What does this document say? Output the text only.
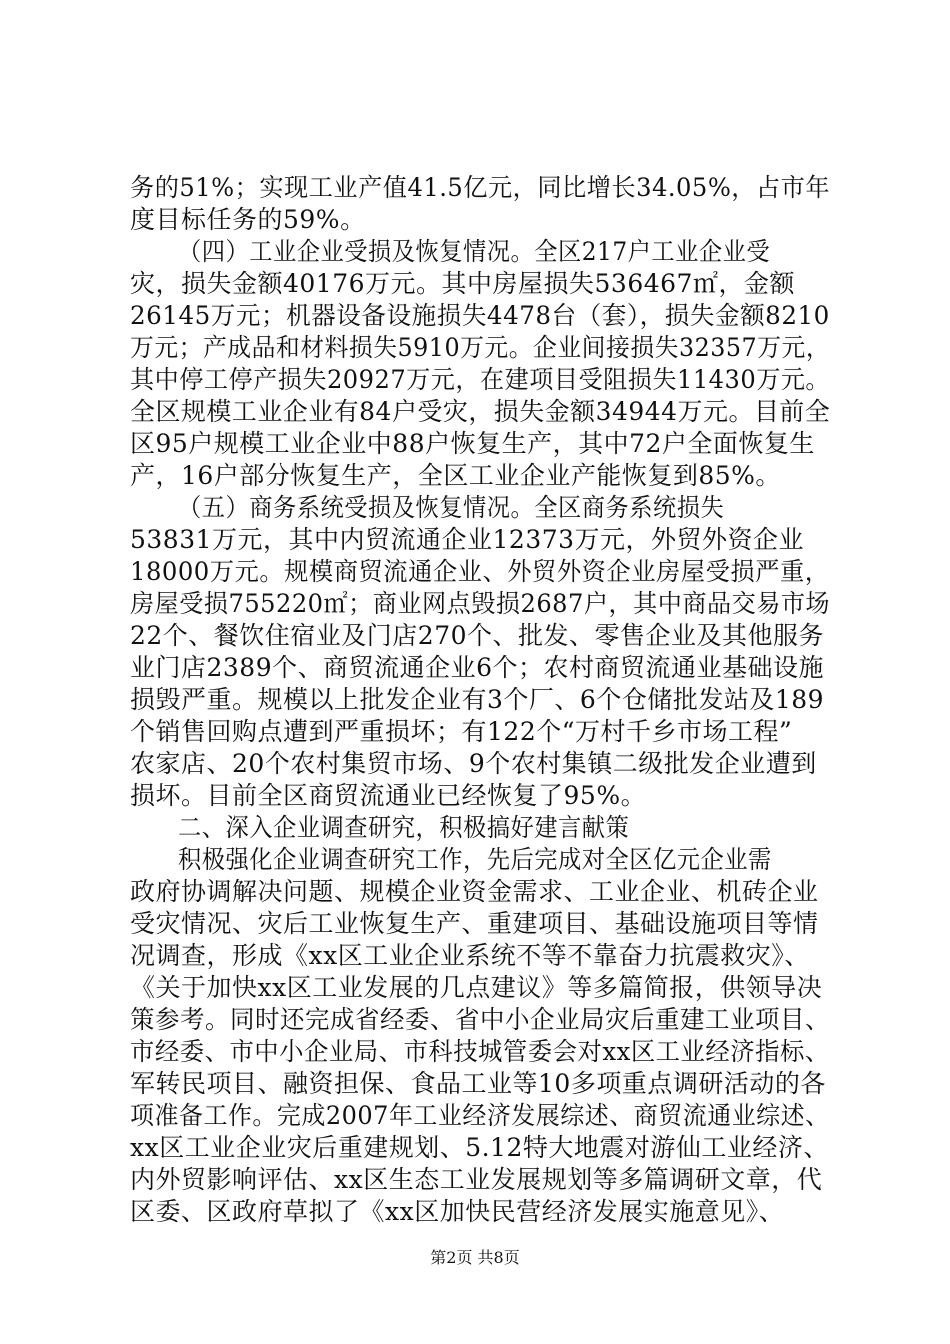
务的51%；实现工业产值41.5亿元，同比增长34.05%，占市年
度目标任务的59%。
（四）工业企业受损及恢复情况。全区217户工业企业受
灾，损失金额40176万元。其中房屋损失536467㎡，金额
26145万元；机器设备设施损失4478台（套），损失金额8210
万元；产成品和材料损失5910万元。企业间接损失32357万元，
其中停工停产损失20927万元，在建项目受阻损失11430万元。
全区规模工业企业有84户受灾，损失金额34944万元。目前全
区95户规模工业企业中88户恢复生产，其中72户全面恢复生
产，16户部分恢复生产，全区工业企业产能恢复到85%。
（五）商务系统受损及恢复情况。全区商务系统损失
53831万元，其中内贸流通企业12373万元，外贸外资企业
18000万元。规模商贸流通企业、外贸外资企业房屋受损严重，
房屋受损755220㎡；商业网点毁损2687户，其中商品交易市场
22个、餐饮住宿业及门店270个、批发、零售企业及其他服务
业门店2389个、商贸流通企业6个；农村商贸流通业基础设施
损毁严重。规模以上批发企业有3个厂、6个仓储批发站及189
个销售回购点遭到严重损坏；有122个“万村千乡市场工程”
农家店、20个农村集贸市场、9个农村集镇二级批发企业遭到
损坏。目前全区商贸流通业已经恢复了95%。
二、深入企业调查研究，积极搞好建言献策
积极强化企业调查研究工作，先后完成对全区亿元企业需
政府协调解决问题、规模企业资金需求、工业企业、机砖企业
受灾情况、灾后工业恢复生产、重建项目、基础设施项目等情
况调查，形成《xx区工业企业系统不等不靠奋力抗震救灾》、
《关于加快xx区工业发展的几点建议》等多篇简报，供领导决
策参考。同时还完成省经委、省中小企业局灾后重建工业项目、
市经委、市中小企业局、市科技城管委会对xx区工业经济指标、
军转民项目、融资担保、食品工业等10多项重点调研活动的各
项准备工作。完成2007年工业经济发展综述、商贸流通业综述、
xx区工业企业灾后重建规划、5.12特大地震对游仙工业经济、
内外贸影响评估、xx区生态工业发展规划等多篇调研文章，代
区委、区政府草拟了《xx区加快民营经济发展实施意见》、
第2页 共8页
